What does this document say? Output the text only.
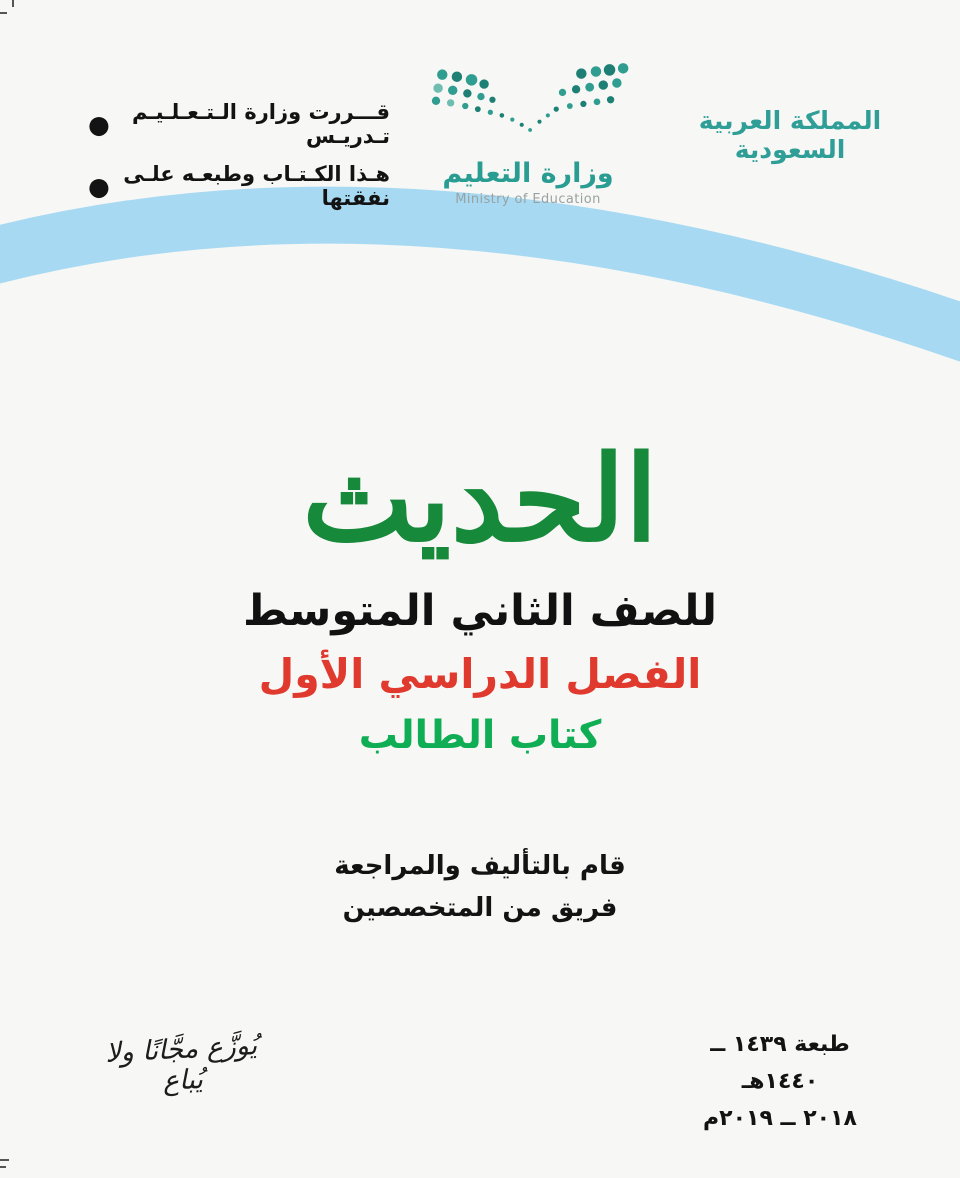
●	قـــررت وزارة الـتـعـلـيـم تـدريـس
● هـذا الكـتـاب وطبعـه علـى نفقتها
وزارة التعليم
Ministry of Education
المملكة العربية السعودية
الحديث
للصف الثاني المتوسط
الفصل الدراسي الأول
كتاب الطالب
قام بالتأليف والمراجعة
فريق من المتخصصين
طبعة ١٤٣٩ ــ ١٤٤٠هـ
٢٠١٨ ــ ٢٠١٩م
يُوزَّع مجَّانًا ولا يُباع
